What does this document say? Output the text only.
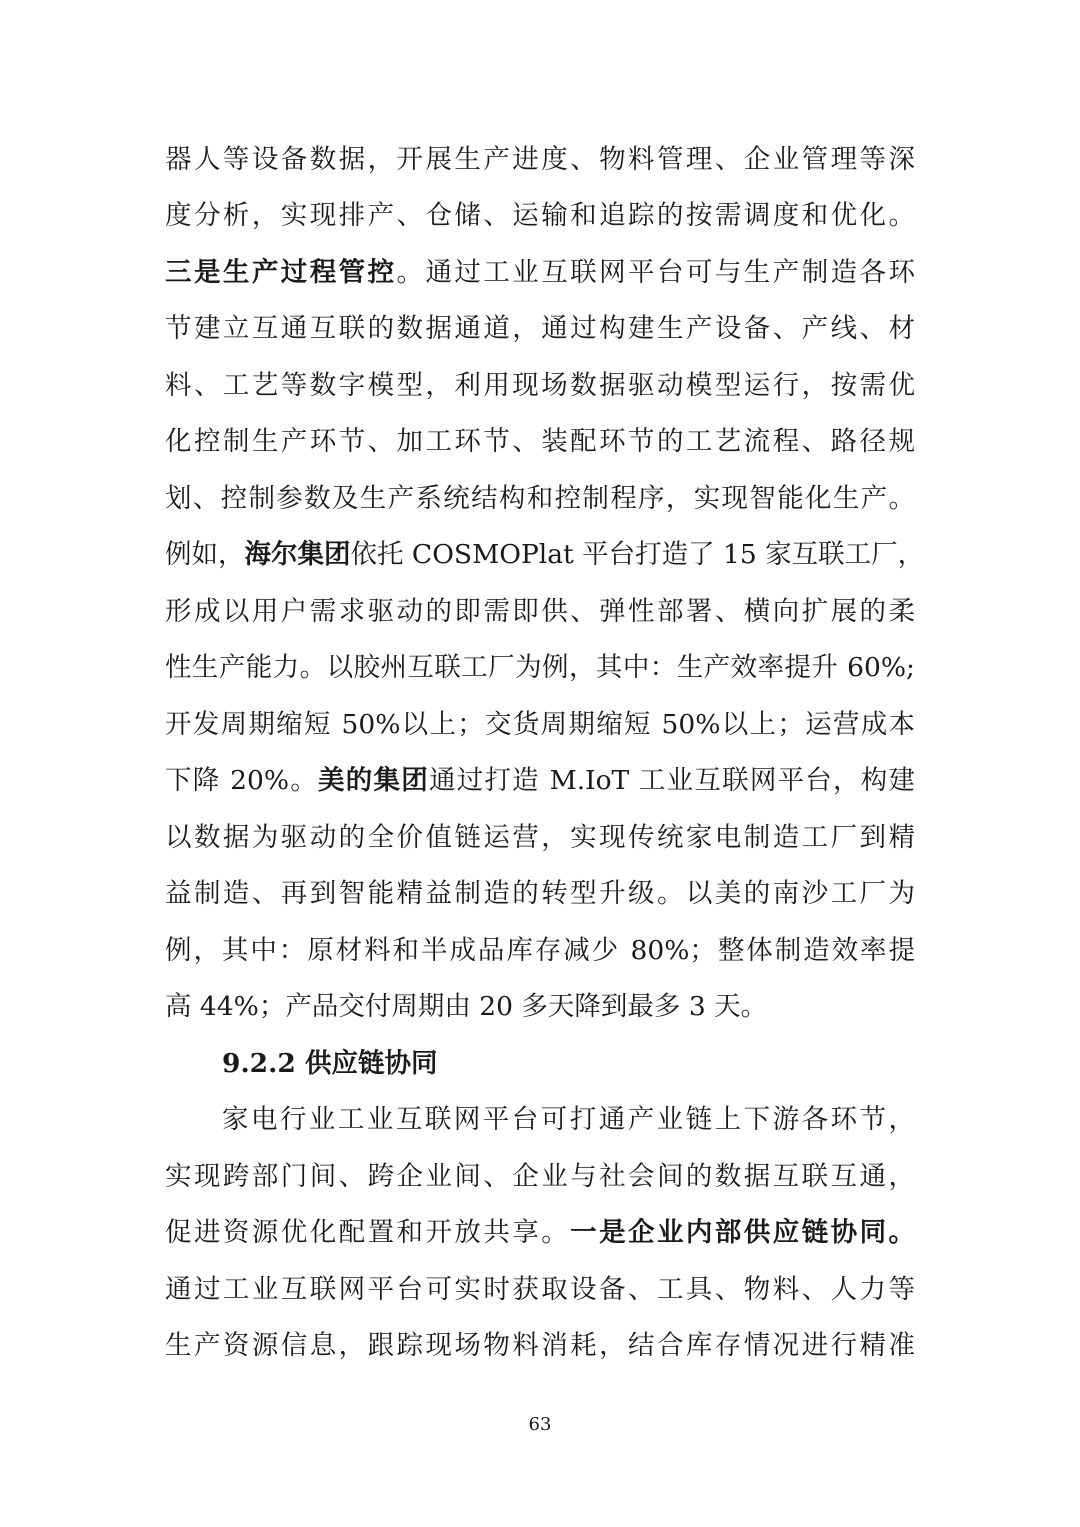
器人等设备数据，开展生产进度、物料管理、企业管理等深
度分析，实现排产、仓储、运输和追踪的按需调度和优化。
三是生产过程管控。通过工业互联网平台可与生产制造各环
节建立互通互联的数据通道，通过构建生产设备、产线、材
料、工艺等数字模型，利用现场数据驱动模型运行，按需优
化控制生产环节、加工环节、装配环节的工艺流程、路径规
划、控制参数及生产系统结构和控制程序，实现智能化生产。
例如，海尔集团依托 COSMOPlat 平台打造了 15 家互联工厂，
形成以用户需求驱动的即需即供、弹性部署、横向扩展的柔
性生产能力。以胶州互联工厂为例，其中：生产效率提升 60%;
开发周期缩短 50%以上；交货周期缩短 50%以上；运营成本
下降 20%。美的集团通过打造 M.IoT 工业互联网平台，构建
以数据为驱动的全价值链运营，实现传统家电制造工厂到精
益制造、再到智能精益制造的转型升级。以美的南沙工厂为
例，其中：原材料和半成品库存减少 80%；整体制造效率提
高 44%；产品交付周期由 20 多天降到最多 3 天。
9.2.2 供应链协同
家电行业工业互联网平台可打通产业链上下游各环节，
实现跨部门间、跨企业间、企业与社会间的数据互联互通，
促进资源优化配置和开放共享。一是企业内部供应链协同。
通过工业互联网平台可实时获取设备、工具、物料、人力等
生产资源信息，跟踪现场物料消耗，结合库存情况进行精准
63
